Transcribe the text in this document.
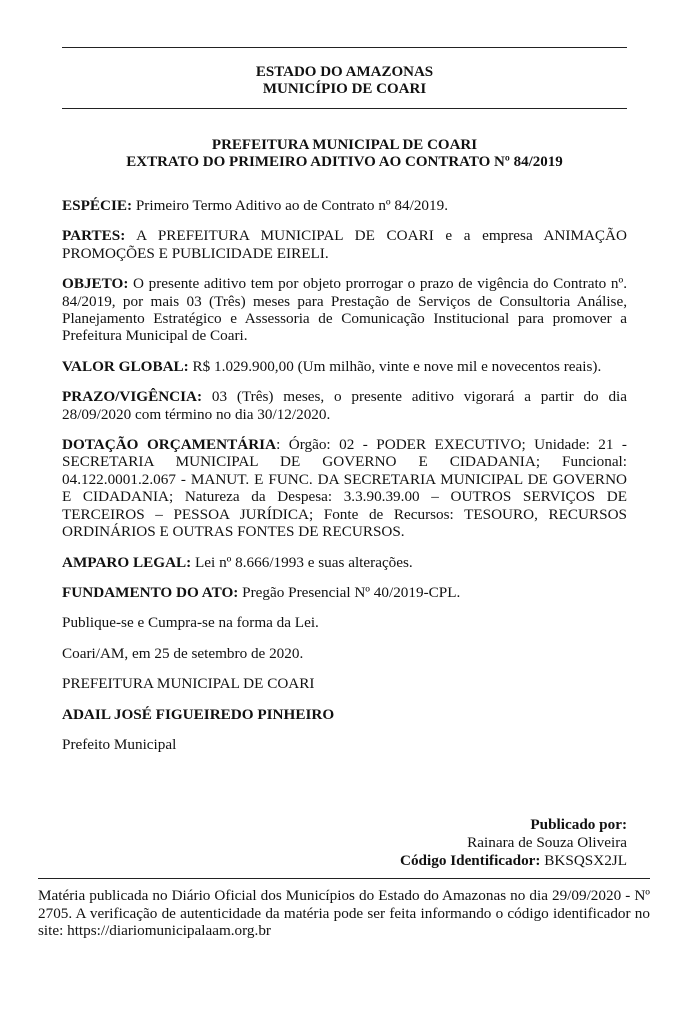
ESTADO DO AMAZONAS
MUNICÍPIO DE COARI
PREFEITURA MUNICIPAL DE COARI
EXTRATO DO PRIMEIRO ADITIVO AO CONTRATO Nº 84/2019

ESPÉCIE: Primeiro Termo Aditivo ao de Contrato nº 84/2019.

PARTES: A PREFEITURA MUNICIPAL DE COARI e a empresa ANIMAÇÃO PROMOÇÕES E PUBLICIDADE EIRELI.

OBJETO: O presente aditivo tem por objeto prorrogar o prazo de vigência do Contrato nº. 84/2019, por mais 03 (Três) meses para Prestação de Serviços de Consultoria Análise, Planejamento Estratégico e Assessoria de Comunicação Institucional para promover a Prefeitura Municipal de Coari.

VALOR GLOBAL: R$ 1.029.900,00 (Um milhão, vinte e nove mil e novecentos reais).

PRAZO/VIGÊNCIA: 03 (Três) meses, o presente aditivo vigorará a partir do dia 28/09/2020 com término no dia 30/12/2020.

DOTAÇÃO ORÇAMENTÁRIA: Órgão: 02 - PODER EXECUTIVO; Unidade: 21 - SECRETARIA MUNICIPAL DE GOVERNO E CIDADANIA; Funcional: 04.122.0001.2.067 - MANUT. E FUNC. DA SECRETARIA MUNICIPAL DE GOVERNO E CIDADANIA; Natureza da Despesa: 3.3.90.39.00 – OUTROS SERVIÇOS DE TERCEIROS – PESSOA JURÍDICA; Fonte de Recursos: TESOURO, RECURSOS ORDINÁRIOS E OUTRAS FONTES DE RECURSOS.

AMPARO LEGAL: Lei nº 8.666/1993 e suas alterações.

FUNDAMENTO DO ATO: Pregão Presencial Nº 40/2019-CPL.

Publique-se e Cumpra-se na forma da Lei.

Coari/AM, em 25 de setembro de 2020.

PREFEITURA MUNICIPAL DE COARI

ADAIL JOSÉ FIGUEIREDO PINHEIRO

Prefeito Municipal

Publicado por:
Rainara de Souza Oliveira
Código Identificador: BKSQSX2JL
Matéria publicada no Diário Oficial dos Municípios do Estado do Amazonas no dia 29/09/2020 - Nº 2705. A verificação de autenticidade da matéria pode ser feita informando o código identificador no site: https://diariomunicipalaam.org.br
